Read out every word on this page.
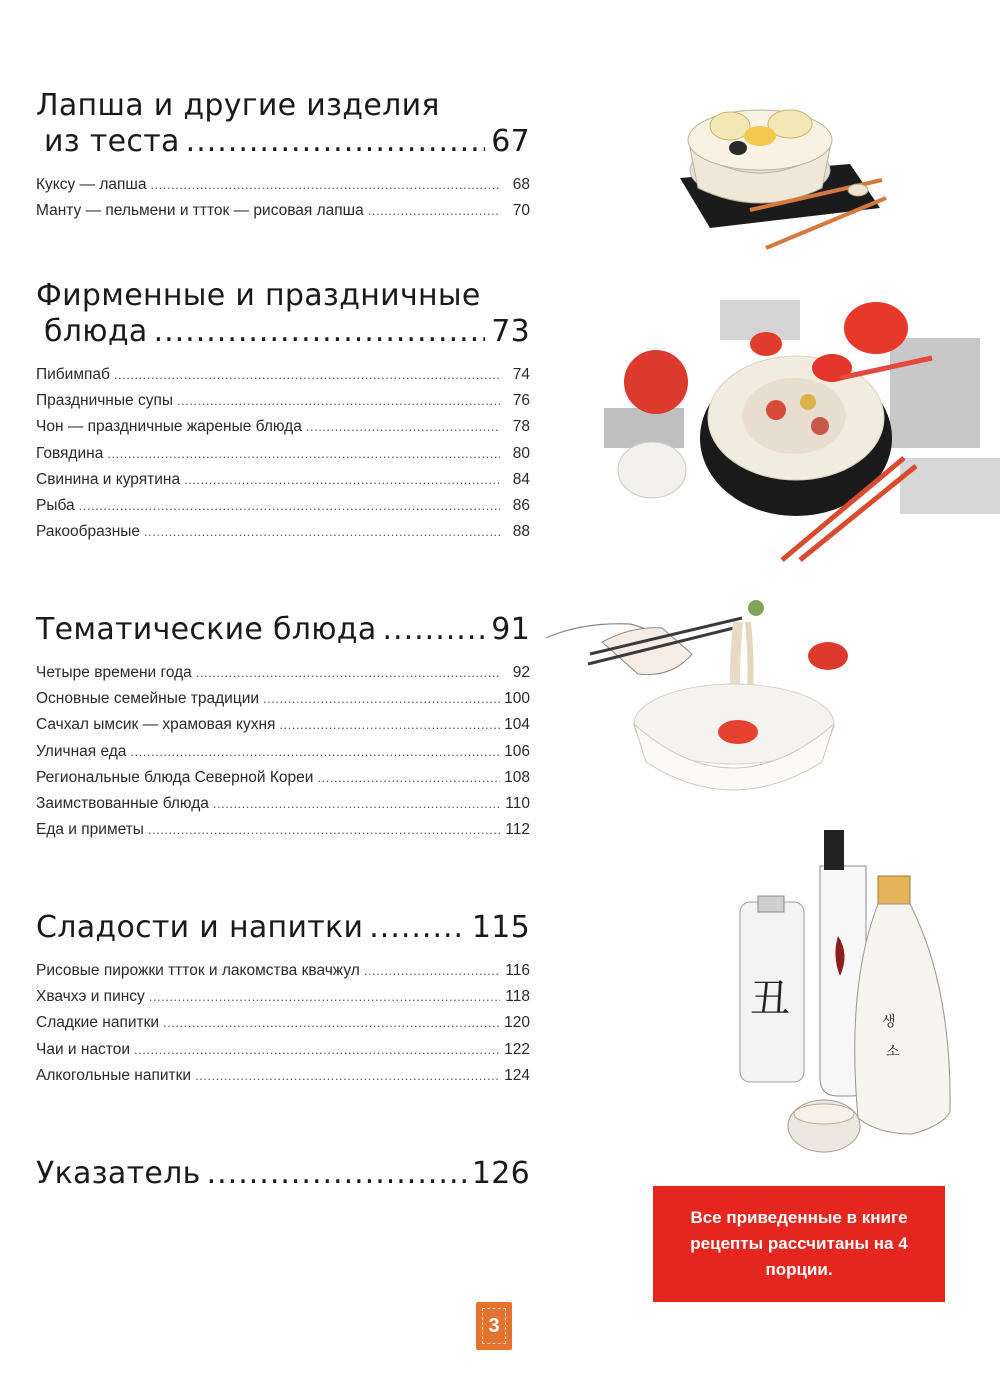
Лапша и другие изделия
из теста .....	67
Куксу — лапша .....	68
Манту — пельмени и ттток — рисовая лапша .....	70
Фирменные и праздничные
блюда .....	73
Пибимпаб .....	74
Праздничные супы .....	76
Чон — праздничные жареные блюда .....	78
Говядина .....	80
Свинина и курятина .....	84
Рыба .....	86
Ракообразные .....	88
Тематические блюда .....	91
Четыре времени года .....	92
Основные семейные традиции .....	100
Сачхал ымсик — храмовая кухня .....	104
Уличная еда .....	106
Региональные блюда Северной Кореи .....	108
Заимствованные блюда .....	110
Еда и приметы .....	112
Сладости и напитки .....	115
Рисовые пирожки ттток и лакомства квачжул .....	116
Хвачхэ и пинсу .....	118
Сладкие напитки .....	120
Чаи и настои .....	122
Алкогольные напитки .....	124
Указатель .....	126
丑	생
소
Все приведенные в книге рецепты рассчитаны на 4 порции.
3
